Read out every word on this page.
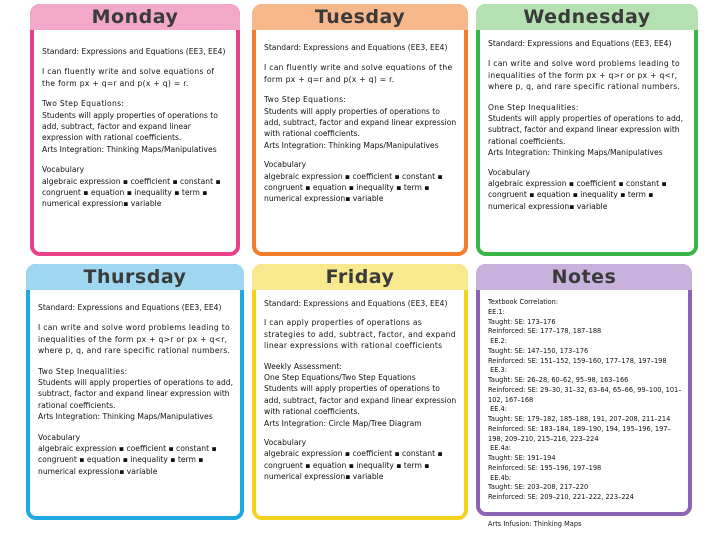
Monday

Standard: Expressions and Equations (EE3, EE4)

I can fluently write and solve equations of the form px + q=r and p(x + q) = r.

Two Step Equations:

Students will apply properties of operations to add, subtract, factor and expand linear expression with rational coefficients.

Arts Integration: Thinking Maps/Manipulatives

Vocabulary

algebraic expression ▪ coefficient ▪ constant ▪ congruent ▪ equation ▪ inequality ▪ term ▪ numerical expression▪ variable

Tuesday

Standard: Expressions and Equations (EE3, EE4)

I can fluently write and solve equations of the form px + q=r and p(x + q) = r.

Two Step Equations:

Students will apply properties of operations to add, subtract, factor and expand linear expression with rational coefficients.

Arts Integration: Thinking Maps/Manipulatives

Vocabulary

algebraic expression ▪ coefficient ▪ constant ▪ congruent ▪ equation ▪ inequality ▪ term ▪ numerical expression▪ variable

Wednesday

Standard: Expressions and Equations (EE3, EE4)

I can write and solve word problems leading to inequalities of the form px + q>r or px + q<r, where p, q, and rare specific rational numbers.

One Step Inequalities:

Students will apply properties of operations to add, subtract, factor and expand linear expression with rational coefficients.

Arts Integration: Thinking Maps/Manipulatives

Vocabulary

algebraic expression ▪ coefficient ▪ constant ▪ congruent ▪ equation ▪ inequality ▪ term ▪ numerical expression▪ variable

Thursday

Standard: Expressions and Equations (EE3, EE4)

I can write and solve word problems leading to inequalities of the form px + q>r or px + q<r, where p, q, and rare specific rational numbers.

Two Step Inequalities:

Students will apply properties of operations to add, subtract, factor and expand linear expression with rational coefficients.

Arts Integration: Thinking Maps/Manipulatives

Vocabulary

algebraic expression ▪ coefficient ▪ constant ▪ congruent ▪ equation ▪ inequality ▪ term ▪ numerical expression▪ variable

Friday

Standard: Expressions and Equations (EE3, EE4)

I can apply properties of operations as strategies to add, subtract, factor, and expand linear expressions with rational coefficients

Weekly Assessment:

One Step Equations/Two Step Equations

Students will apply properties of operations to add, subtract, factor and expand linear expression with rational coefficients.

Arts Integration: Circle Map/Tree Diagram

Vocabulary

algebraic expression ▪ coefficient ▪ constant ▪ congruent ▪ equation ▪ inequality ▪ term ▪ numerical expression▪ variable

Notes
Textbook Correlation:
EE.1:
Taught: SE: 173–176
Reinforced: SE: 177–178, 187–188
EE.2:
Taught: SE: 147–150, 173–176
Reinforced: SE: 151–152, 159–160, 177–178, 197–198
EE.3:
Taught: SE: 26–28, 60–62, 95–98, 163–166
Reinforced: SE: 29–30, 31–32, 63–64, 65–66, 99–100, 101–102, 167–168
EE.4:
Taught: SE: 179–182, 185–188, 191, 207–208, 211–214
Reinforced: SE: 183–184, 189–190, 194, 195–196, 197–198, 209–210, 215–216, 223–224
EE.4a:
Taught: SE: 191–194
Reinforced: SE: 195–196, 197–198
EE.4b:
Taught: SE: 203–208, 217–220
Reinforced: SE: 209–210, 221–222, 223–224
Arts Infusion: Thinking Maps
